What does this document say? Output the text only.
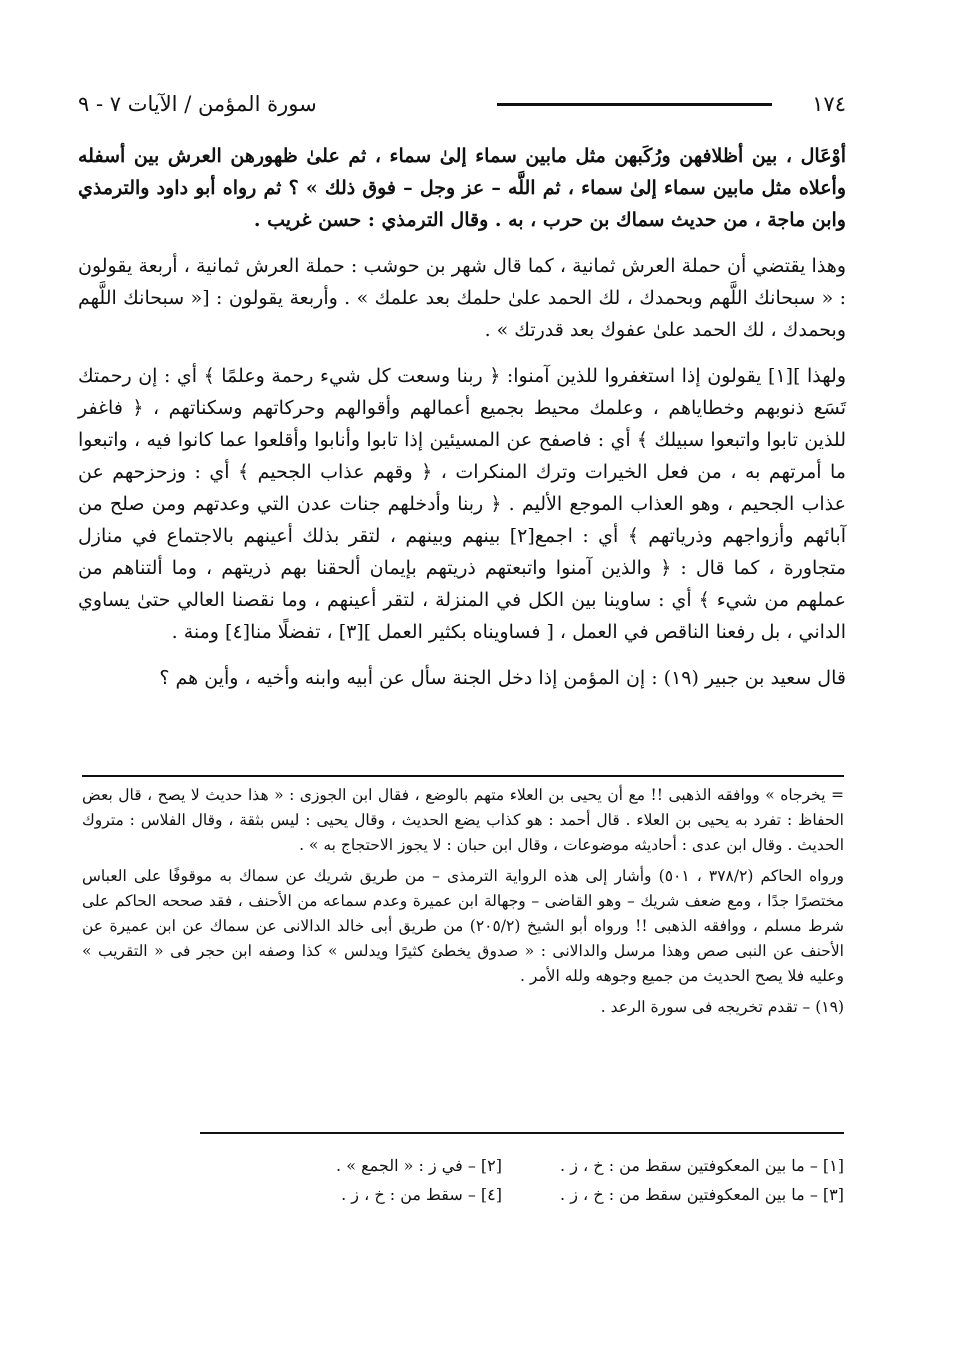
١٧٤
سورة المؤمن / الآيات ٧ - ٩

أوْعَال ، بين أظلافهن ورُكَبهن مثل مابين سماء إلىٰ سماء ، ثم علىٰ ظهورهن العرش بين أسفله وأعلاه مثل مابين سماء إلىٰ سماء ، ثم اللَّه – عز وجل – فوق ذلك » ؟ ثم رواه أبو داود والترمذي وابن ماجة ، من حديث سماك بن حرب ، به . وقال الترمذي : حسن غريب .

وهذا يقتضي أن حملة العرش ثمانية ، كما قال شهر بن حوشب : حملة العرش ثمانية ، أربعة يقولون : « سبحانك اللَّهم وبحمدك ، لك الحمد علىٰ حلمك بعد علمك » . وأربعة يقولون : [« سبحانك اللَّهم وبحمدك ، لك الحمد علىٰ عفوك بعد قدرتك » .

ولهذا ][١] يقولون إذا استغفروا للذين آمنوا: ﴿ ربنا وسعت كل شيء رحمة وعلمًا ﴾ أي : إن رحمتك تَسَع ذنوبهم وخطاياهم ، وعلمك محيط بجميع أعمالهم وأقوالهم وحركاتهم وسكناتهم ، ﴿ فاغفر للذين تابوا واتبعوا سبيلك ﴾ أي : فاصفح عن المسيئين إذا تابوا وأنابوا وأقلعوا عما كانوا فيه ، واتبعوا ما أمرتهم به ، من فعل الخيرات وترك المنكرات ، ﴿ وقهم عذاب الجحيم ﴾ أي : وزحزحهم عن عذاب الجحيم ، وهو العذاب الموجع الأليم . ﴿ ربنا وأدخلهم جنات عدن التي وعدتهم ومن صلح من آبائهم وأزواجهم وذرياتهم ﴾ أي : اجمع[٢] بينهم وبينهم ، لتقر بذلك أعينهم بالاجتماع في منازل متجاورة ، كما قال : ﴿ والذين آمنوا واتبعتهم ذريتهم بإيمان ألحقنا بهم ذريتهم ، وما ألتناهم من عملهم من شيء ﴾ أي : ساوينا بين الكل في المنزلة ، لتقر أعينهم ، وما نقصنا العالي حتىٰ يساوي الداني ، بل رفعنا الناقص في العمل ، [ فساويناه بكثير العمل ][٣] ، تفضلًا منا[٤] ومنة .

قال سعيد بن جبير (١٩) : إن المؤمن إذا دخل الجنة سأل عن أبيه وابنه وأخيه ، وأين هم ؟

= يخرجاه » ووافقه الذهبى !! مع أن يحيى بن العلاء متهم بالوضع ، فقال ابن الجوزى : « هذا حديث لا يصح ، قال بعض الحفاظ : تفرد به يحيى بن العلاء . قال أحمد : هو كذاب يضع الحديث ، وقال يحيى : ليس بثقة ، وقال الفلاس : متروك الحديث . وقال ابن عدى : أحاديثه موضوعات ، وقال ابن حبان : لا يجوز الاحتجاج به » .

ورواه الحاكم (٣٧٨/٢ ، ٥٠١) وأشار إلى هذه الرواية الترمذى – من طريق شريك عن سماك به موقوفًا على العباس مختصرًا جدًا ، ومع ضعف شريك – وهو القاضى – وجهالة ابن عميرة وعدم سماعه من الأحنف ، فقد صححه الحاكم على شرط مسلم ، ووافقه الذهبى !! ورواه أبو الشيخ (٢٠٥/٢) من طريق أبى خالد الدالانى عن سماك عن ابن عميرة عن الأحنف عن النبى صص وهذا مرسل والدالانى : « صدوق يخطئ كثيرًا ويدلس » كذا وصفه ابن حجر فى « التقريب » وعليه فلا يصح الحديث من جميع وجوهه ولله الأمر .

(١٩) – تقدم تخريجه فى سورة الرعد .

[١] – ما بين المعكوفتين سقط من : خ ، ز .
[٢] – في ز : « الجمع » .
[٣] – ما بين المعكوفتين سقط من : خ ، ز .
[٤] – سقط من : خ ، ز .
